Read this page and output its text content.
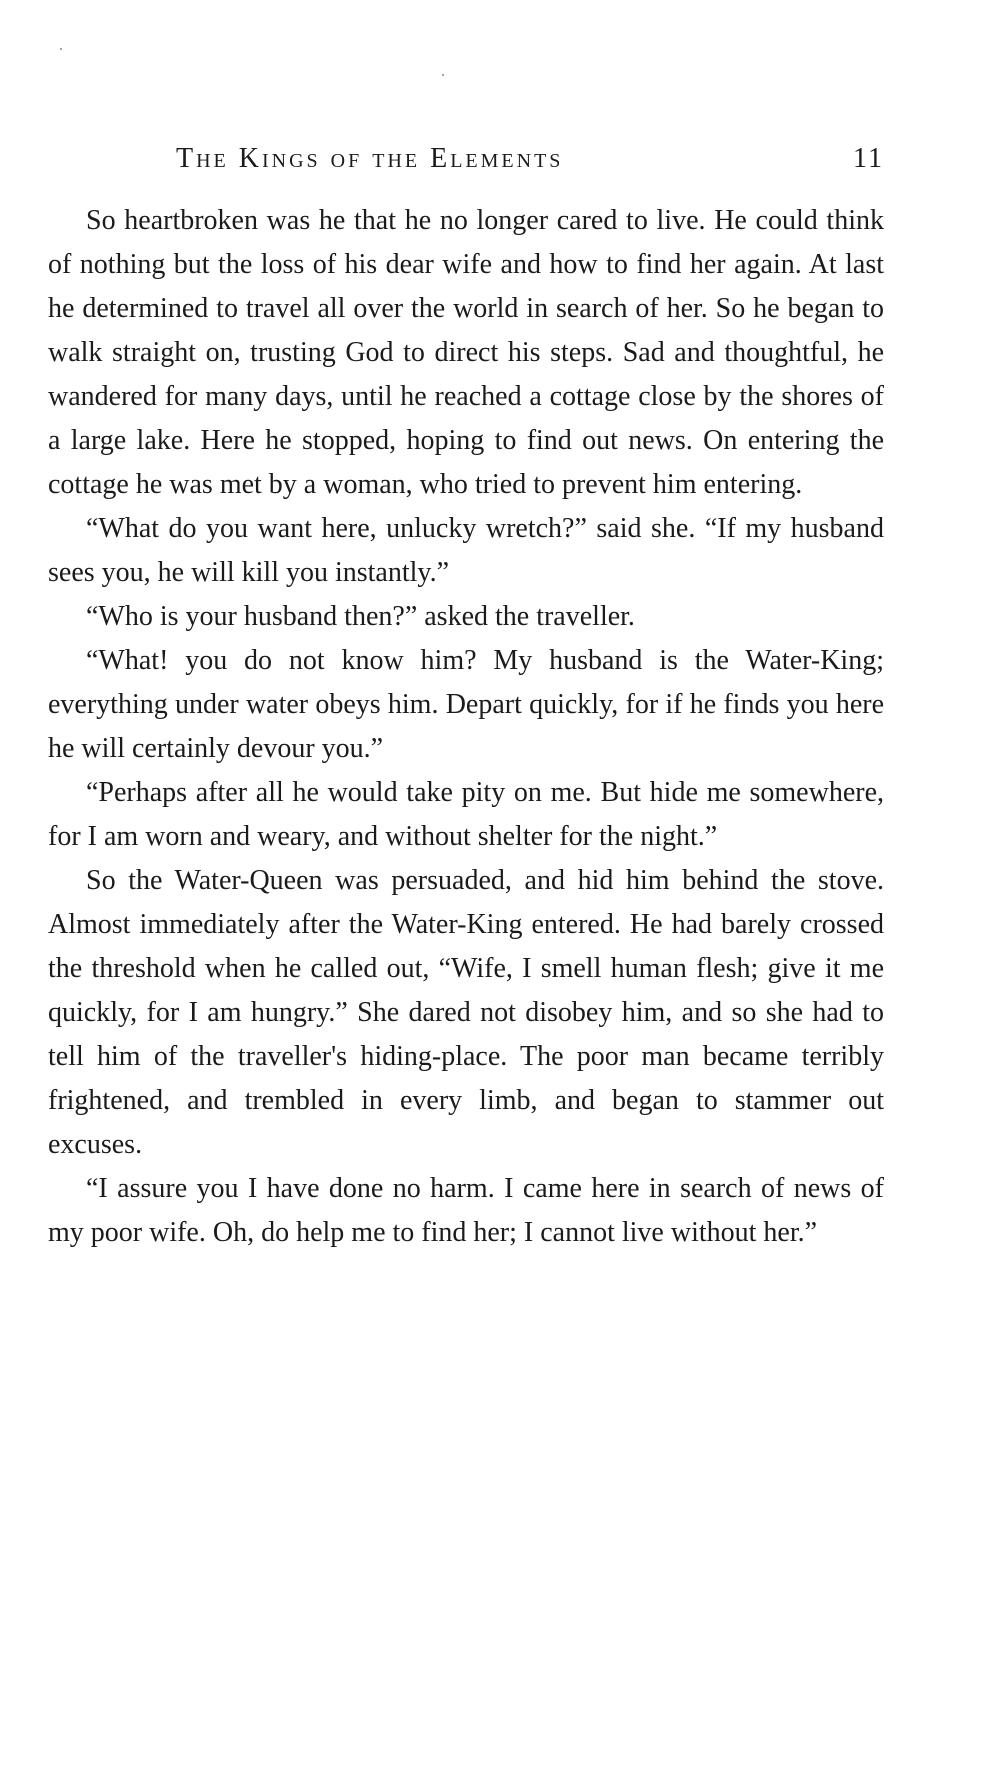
The Kings of the Elements	11

So heartbroken was he that he no longer cared to live. He could think of nothing but the loss of his dear wife and how to find her again. At last he determined to travel all over the world in search of her. So he began to walk straight on, trusting God to direct his steps. Sad and thoughtful, he wandered for many days, until he reached a cottage close by the shores of a large lake. Here he stopped, hoping to find out news. On entering the cottage he was met by a woman, who tried to prevent him entering.

“What do you want here, unlucky wretch?” said she. “If my husband sees you, he will kill you instantly.”

“Who is your husband then?” asked the traveller.

“What! you do not know him? My husband is the Water-King; everything under water obeys him. Depart quickly, for if he finds you here he will certainly devour you.”

“Perhaps after all he would take pity on me. But hide me somewhere, for I am worn and weary, and without shelter for the night.”

So the Water-Queen was persuaded, and hid him behind the stove. Almost immediately after the Water-King entered. He had barely crossed the threshold when he called out, “Wife, I smell human flesh; give it me quickly, for I am hungry.” She dared not disobey him, and so she had to tell him of the traveller's hiding-place. The poor man became terribly frightened, and trembled in every limb, and began to stammer out excuses.

“I assure you I have done no harm. I came here in search of news of my poor wife. Oh, do help me to find her; I cannot live without her.”
